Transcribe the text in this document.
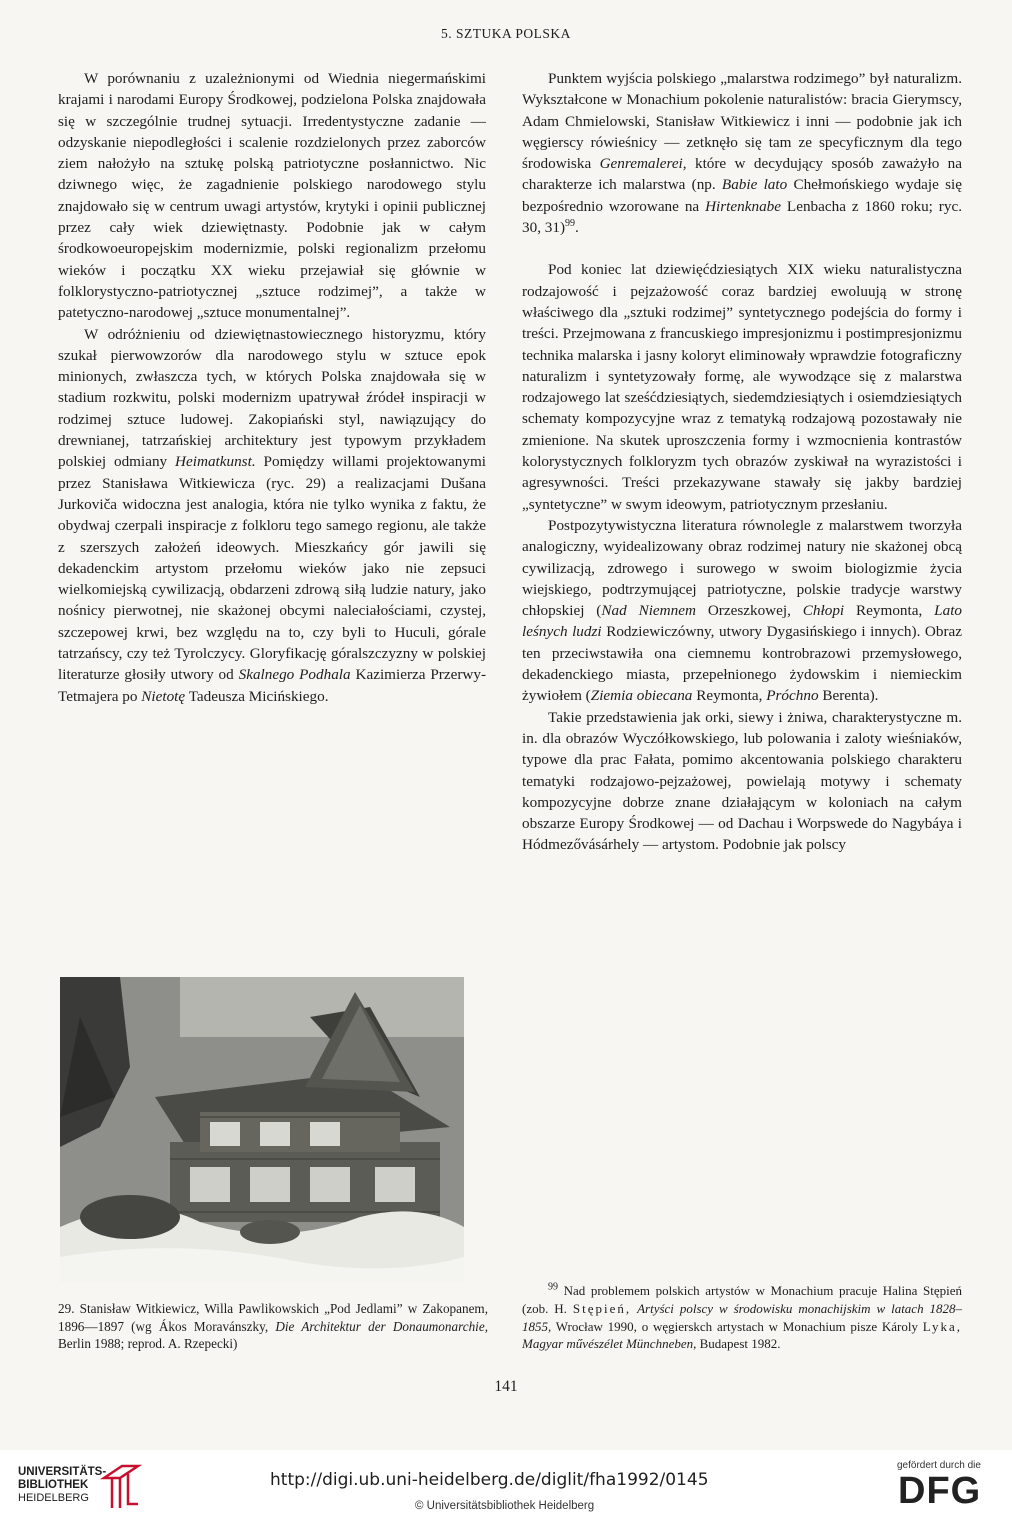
5. SZTUKA POLSKA

W porównaniu z uzależnionymi od Wiednia niegermańskimi krajami i narodami Europy Środkowej, podzielona Polska znajdowała się w szczególnie trudnej sytuacji. Irredentystyczne zadanie — odzyskanie niepodległości i scalenie rozdzielonych przez zaborców ziem nałożyło na sztukę polską patriotyczne posłannictwo. Nic dziwnego więc, że zagadnienie polskiego narodowego stylu znajdowało się w centrum uwagi artystów, krytyki i opinii publicznej przez cały wiek dziewiętnasty. Podobnie jak w całym środkowoeuropejskim modernizmie, polski regionalizm przełomu wieków i początku XX wieku przejawiał się głównie w folklorystyczno-patriotycznej „sztuce rodzimej”, a także w patetyczno-narodowej „sztuce monumentalnej”.

W odróżnieniu od dziewiętnastowiecznego historyzmu, który szukał pierwowzorów dla narodowego stylu w sztuce epok minionych, zwłaszcza tych, w których Polska znajdowała się w stadium rozkwitu, polski modernizm upatrywał źródeł inspiracji w rodzimej sztuce ludowej. Zakopiański styl, nawiązujący do drewnianej, tatrzańskiej architektury jest typowym przykładem polskiej odmiany Heimatkunst. Pomiędzy willami projektowanymi przez Stanisława Witkiewicza (ryc. 29) a realizacjami Dušana Jurkoviča widoczna jest analogia, która nie tylko wynika z faktu, że obydwaj czerpali inspiracje z folkloru tego samego regionu, ale także z szerszych założeń ideowych. Mieszkańcy gór jawili się dekadenckim artystom przełomu wieków jako nie zepsuci wielkomiejską cywilizacją, obdarzeni zdrową siłą ludzie natury, jako nośnicy pierwotnej, nie skażonej obcymi naleciałościami, czystej, szczepowej krwi, bez względu na to, czy byli to Huculi, górale tatrzańscy, czy też Tyrolczycy. Gloryfikację góralszczyzny w polskiej literaturze głosiły utwory od Skalnego Podhala Kazimierza Przerwy-Tetmajera po Nietotę Tadeusza Micińskiego.

Punktem wyjścia polskiego „malarstwa rodzimego” był naturalizm. Wykształcone w Monachium pokolenie naturalistów: bracia Gierymscy, Adam Chmielowski, Stanisław Witkiewicz i inni — podobnie jak ich węgierscy rówieśnicy — zetknęło się tam ze specyficznym dla tego środowiska Genremalerei, które w decydujący sposób zaważyło na charakterze ich malarstwa (np. Babie lato Chełmońskiego wydaje się bezpośrednio wzorowane na Hirtenknabe Lenbacha z 1860 roku; ryc. 30, 31)$^{99}$.

Pod koniec lat dziewięćdziesiątych XIX wieku naturalistyczna rodzajowość i pejzażowość coraz bardziej ewoluują w stronę właściwego dla „sztuki rodzimej” syntetycznego podejścia do formy i treści. Przejmowana z francuskiego impresjonizmu i postimpresjonizmu technika malarska i jasny koloryt eliminowały wprawdzie fotograficzny naturalizm i syntetyzowały formę, ale wywodzące się z malarstwa rodzajowego lat sześćdziesiątych, siedemdziesiątych i osiemdziesiątych schematy kompozycyjne wraz z tematyką rodzajową pozostawały nie zmienione. Na skutek uproszczenia formy i wzmocnienia kontrastów kolorystycznych folkloryzm tych obrazów zyskiwał na wyrazistości i agresywności. Treści przekazywane stawały się jakby bardziej „syntetyczne” w swym ideowym, patriotycznym przesłaniu.

Postpozytywistyczna literatura równolegle z malarstwem tworzyła analogiczny, wyidealizowany obraz rodzimej natury nie skażonej obcą cywilizacją, zdrowego i surowego w swoim biologizmie życia wiejskiego, podtrzymującej patriotyczne, polskie tradycje warstwy chłopskiej (Nad Niemnem Orzeszkowej, Chłopi Reymonta, Lato leśnych ludzi Rodziewiczówny, utwory Dygasińskiego i innych). Obraz ten przeciwstawiła ona ciemnemu kontrobrazowi przemysłowego, dekadenckiego miasta, przepełnionego żydowskim i niemieckim żywiołem (Ziemia obiecana Reymonta, Próchno Berenta).

Takie przedstawienia jak orki, siewy i żniwa, charakterystyczne m. in. dla obrazów Wyczółkowskiego, lub polowania i zaloty wieśniaków, typowe dla prac Fałata, pomimo akcentowania polskiego charakteru tematyki rodzajowo-pejzażowej, powielają motywy i schematy kompozycyjne dobrze znane działającym w koloniach na całym obszarze Europy Środkowej — od Dachau i Worpswede do Nagybáya i Hódmezővásárhely — artystom. Podobnie jak polscy

29. Stanisław Witkiewicz, Willa Pawlikowskich „Pod Jedlami” w Zakopanem, 1896—1897 (wg Ákos Moravánszky, Die Architektur der Donaumonarchie, Berlin 1988; reprod. A. Rzepecki)

$^{99}$ Nad problemem polskich artystów w Monachium pracuje Halina Stępień (zob. H. Stępień, Artyści polscy w środowisku monachijskim w latach 1828–1855, Wrocław 1990, o węgierskch artystach w Monachium pisze Károly Lyka, Magyar művészélet Münchneben, Budapest 1982.

141
UNIVERSITÄTS-
BIBLIOTHEK
HEIDELBERG
http://digi.ub.uni-heidelberg.de/diglit/fha1992/0145
© Universitätsbibliothek Heidelberg
gefördert durch die
DFG
